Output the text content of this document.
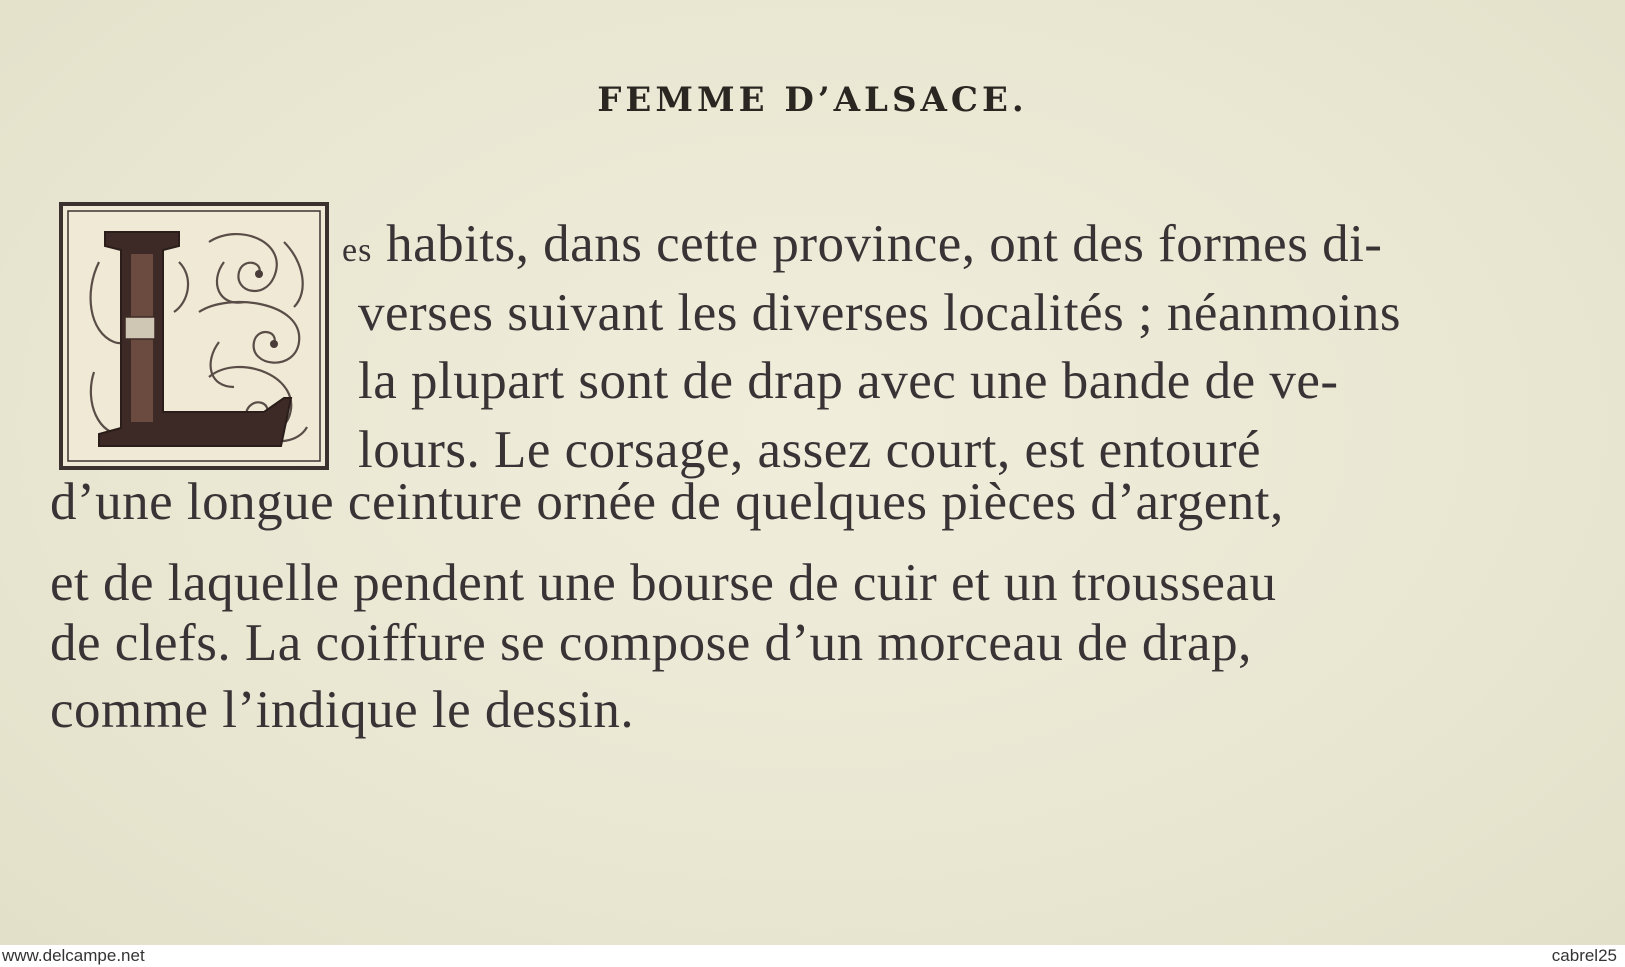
FEMME D’ALSACE.
es habits, dans cette province, ont des formes di-
verses suivant les diverses localités ; néanmoins
la plupart sont de drap avec une bande de ve-
lours. Le corsage, assez court, est entouré
d’une longue ceinture ornée de quelques pièces d’argent,
et de laquelle pendent une bourse de cuir et un trousseau
de clefs. La coiffure se compose d’un morceau de drap,
comme l’indique le dessin.
www.delcampe.net	cabrel25
